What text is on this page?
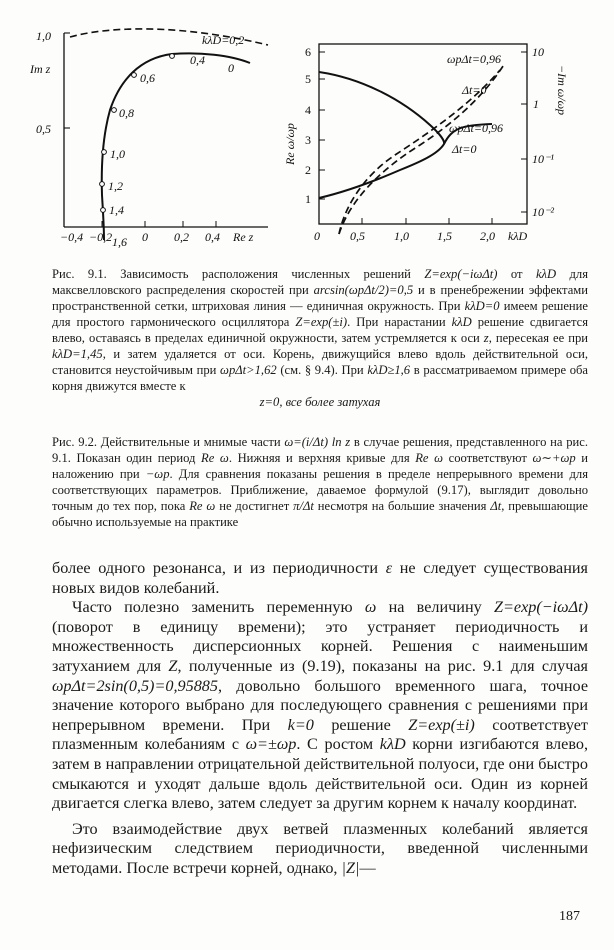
1,0
0,5
Im z
−0,4 −0,2 0 0,2 0,4 Re z
kλD=0,2
0,4
0
0,6
0,8
1,0
1,2
1,4
1,6
6
5
4
3
2
1
Re ω/ωp
0	0,5 1,0 1,5 2,0 kλD
10
1
10⁻¹
10⁻²
−Im ω/ωp
ωpΔt=0,96
Δt=0
ωpΔt=0,96
Δt=0

Рис. 9.1. Зависимость расположения численных решений Z=exp(−iωΔt) от kλD для максвелловского распределения скоростей при arcsin(ωpΔt/2)=0,5 и в пренебрежении эффектами пространственной сетки, штриховая линия — единичная окружность. При kλD=0 имеем решение для простого гармонического осциллятора Z=exp(±i). При нарастании kλD решение сдвигается влево, оставаясь в пределах единичной окружности, затем устремляется к оси z, пересекая ее при kλD=1,45, и затем удаляется от оси. Корень, движущийся влево вдоль действительной оси, становится неустойчивым при ωpΔt>1,62 (см. § 9.4). При kλD≥1,6 в рассматриваемом примере оба корня движутся вместе к
z=0, все более затухая

Рис. 9.2. Действительные и мнимые части ω=(i/Δt) ln z в случае решения, представленного на рис. 9.1. Показан один период Re ω. Нижняя и верхняя кривые для Re ω соответствуют ω∼+ωp и наложению при −ωp. Для сравнения показаны решения в пределе непрерывного времени для соответствующих параметров. Приближение, даваемое формулой (9.17), выглядит довольно точным до тех пор, пока Re ω не достигнет π/Δt несмотря на большие значения Δt, превышающие обычно используемые на практике

более одного резонанса, и из периодичности ε не следует существования новых видов колебаний.

Часто полезно заменить переменную ω на величину Z=exp(−iωΔt) (поворот в единицу времени); это устраняет периодичность и множественность дисперсионных корней. Решения с наименьшим затуханием для Z, полученные из (9.19), показаны на рис. 9.1 для случая ωpΔt=2sin(0,5)=0,95885, довольно большого временного шага, точное значение которого выбрано для последующего сравнения с решениями при непрерывном времени. При k=0 решение Z=exp(±i) соответствует плазменным колебаниям с ω=±ωp. С ростом kλD корни изгибаются влево, затем в направлении отрицательной действительной полуоси, где они быстро смыкаются и уходят дальше вдоль действительной оси. Один из корней двигается слегка влево, затем следует за другим корнем к началу координат.

Это взаимодействие двух ветвей плазменных колебаний является нефизическим следствием периодичности, введенной численными методами. После встречи корней, однако, |Z|—

187
